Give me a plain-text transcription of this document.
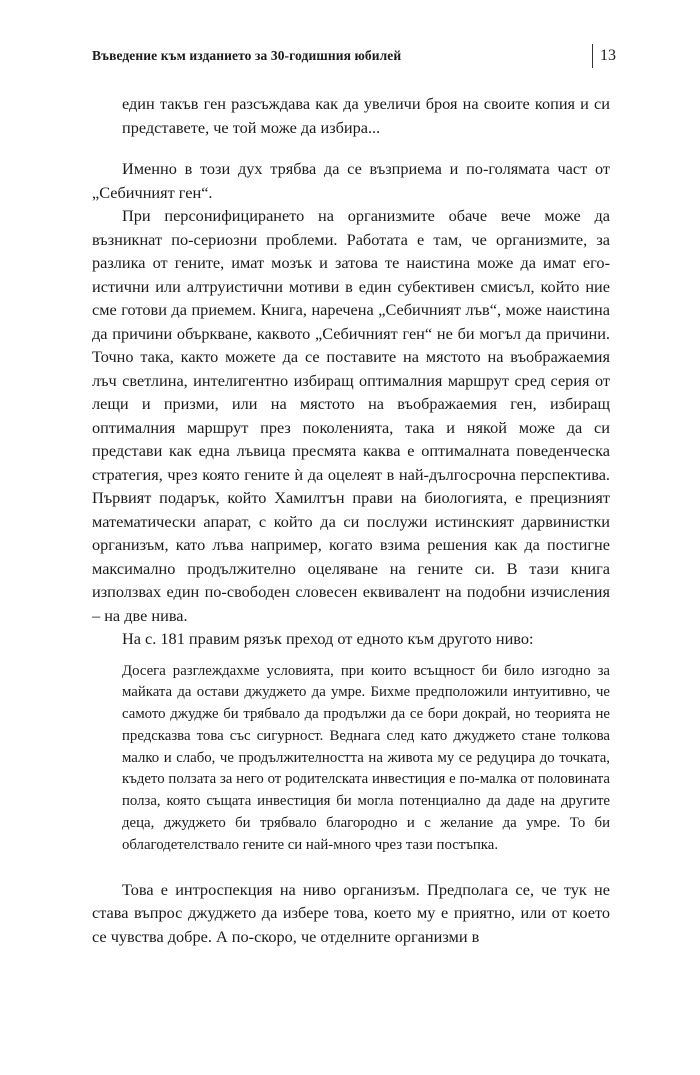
Въведение към изданието за 30-годишния юбилей	13

един такъв ген разсъждава как да увеличи броя на своите копия и си представете, че той може да избира...

Именно в този дух трябва да се възприема и по-голямата част от „Себичният ген“.

При персонифицирането на организмите обаче вече може да възникнат по-сериозни проблеми. Работата е там, че организмите, за разлика от гените, имат мозък и затова те наистина може да имат егоистични или алтруистични мотиви в един субективен смисъл, който ние сме готови да приемем. Книга, наречена „Себичният лъв“, може наистина да причини объркване, каквото „Себичният ген“ не би могъл да причини. Точно така, както можете да се поставите на мястото на въображаемия лъч светлина, интелигентно избиращ оптималния маршрут сред серия от лещи и призми, или на мястото на въображаемия ген, избиращ оптималния маршрут през поколенията, така и някой може да си представи как една лъвица пресмята каква е оптималната поведенческа стратегия, чрез която гените ѝ да оцелеят в най-дългосрочна перспектива. Първият подарък, който Хамилтън прави на биологията, е прецизният математически апарат, с който да си послужи истинският дарвинистки организъм, като лъва например, когато взима решения как да постигне максимално продължително оцеляване на гените си. В тази книга използвах един по-свободен словесен еквивалент на подобни изчисления – на две нива.

На с. 181 правим рязък преход от едното към другото ниво:

Досега разглеждахме условията, при които всъщност би било изгодно за майката да остави джуджето да умре. Бихме предположили интуитивно, че самото джудже би трябвало да продължи да се бори докрай, но теорията не предсказва това със сигурност. Веднага след като джуджето стане толкова малко и слабо, че продължителността на живота му се редуцира до точката, където ползата за него от родителската инвестиция е по-малка от половината полза, която същата инвестиция би могла потенциално да даде на другите деца, джуджето би трябвало благородно и с желание да умре. То би облагодетелствало гените си най-много чрез тази постъпка.

Това е интроспекция на ниво организъм. Предполага се, че тук не става въпрос джуджето да избере това, което му е приятно, или от което се чувства добре. А по-скоро, че отделните организми в
